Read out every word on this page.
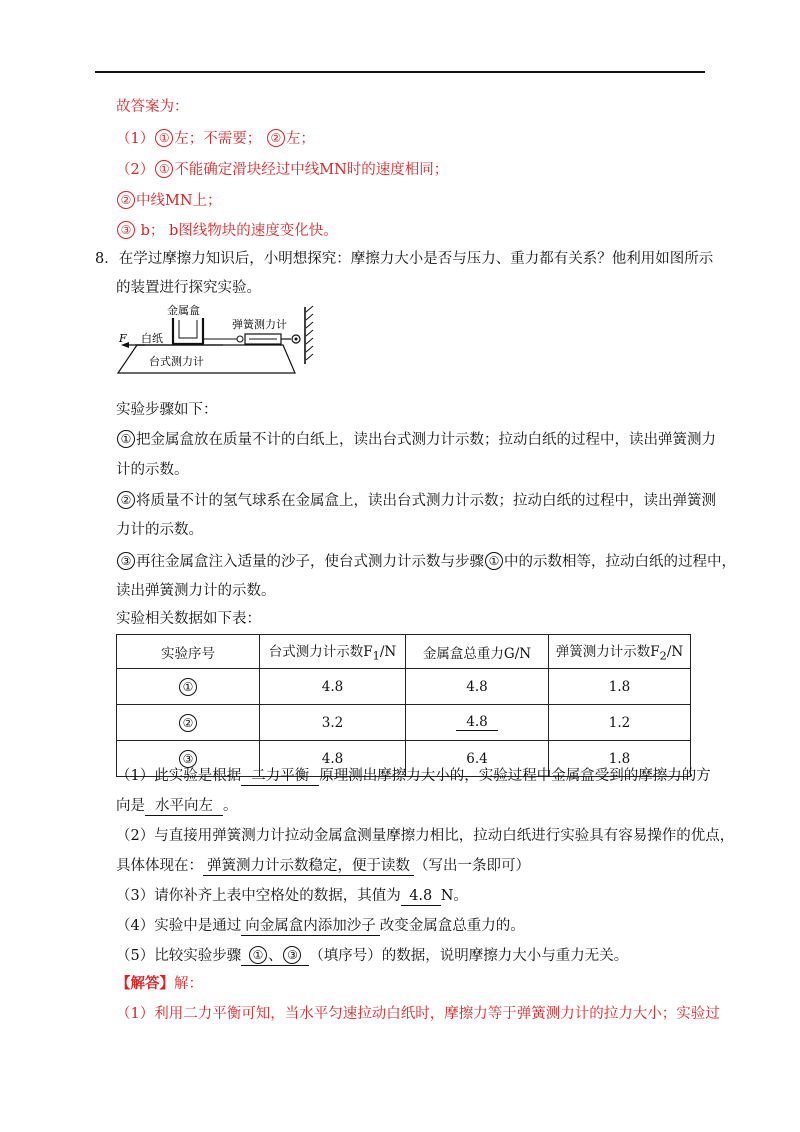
故答案为：
（1） ① 左；不需要； ② 左；
（2） ① 不能确定滑块经过中线MN时的速度相同；
② 中线MN上；
③ b； b图线物块的速度变化快。
8．在学过摩擦力知识后，小明想探究：摩擦力大小是否与压力、重力都有关系？他利用如图所示
的装置进行探究实验。
金属盒
弹簧测力计
F 白纸
台式测力计
实验步骤如下：
① 把金属盒放在质量不计的白纸上，读出台式测力计示数；拉动白纸的过程中，读出弹簧测力
计的示数。
② 将质量不计的氢气球系在金属盒上，读出台式测力计示数；拉动白纸的过程中，读出弹簧测
力计的示数。
③ 再往金属盒注入适量的沙子，使台式测力计示数与步骤 ① 中的示数相等，拉动白纸的过程中，
读出弹簧测力计的示数。
实验相关数据如下表：
实验序号	台式测力计示数$F_1/N$	金属盒总重力G/N	弹簧测力计示数$F_2/N$
①	4.8	4.8	1.8
②	3.2	4.8	1.2
③	4.8	6.4	1.8
（1）此实验是根据 二力平衡 原理测出摩擦力大小的，实验过程中金属盒受到的摩擦力的方
向是 水平向左 。
（2）与直接用弹簧测力计拉动金属盒测量摩擦力相比，拉动白纸进行实验具有容易操作的优点，
具体体现在： 弹簧测力计示数稳定，便于读数 （写出一条即可）
（3）请你补齐上表中空格处的数据，其值为 4.8 N。
（4）实验中是通过 向金属盒内添加沙子 改变金属盒总重力的。
（5）比较实验步骤 ① 、 ③ （填序号）的数据，说明摩擦力大小与重力无关。
【解答】解：
（1）利用二力平衡可知，当水平匀速拉动白纸时，摩擦力等于弹簧测力计的拉力大小；实验过
